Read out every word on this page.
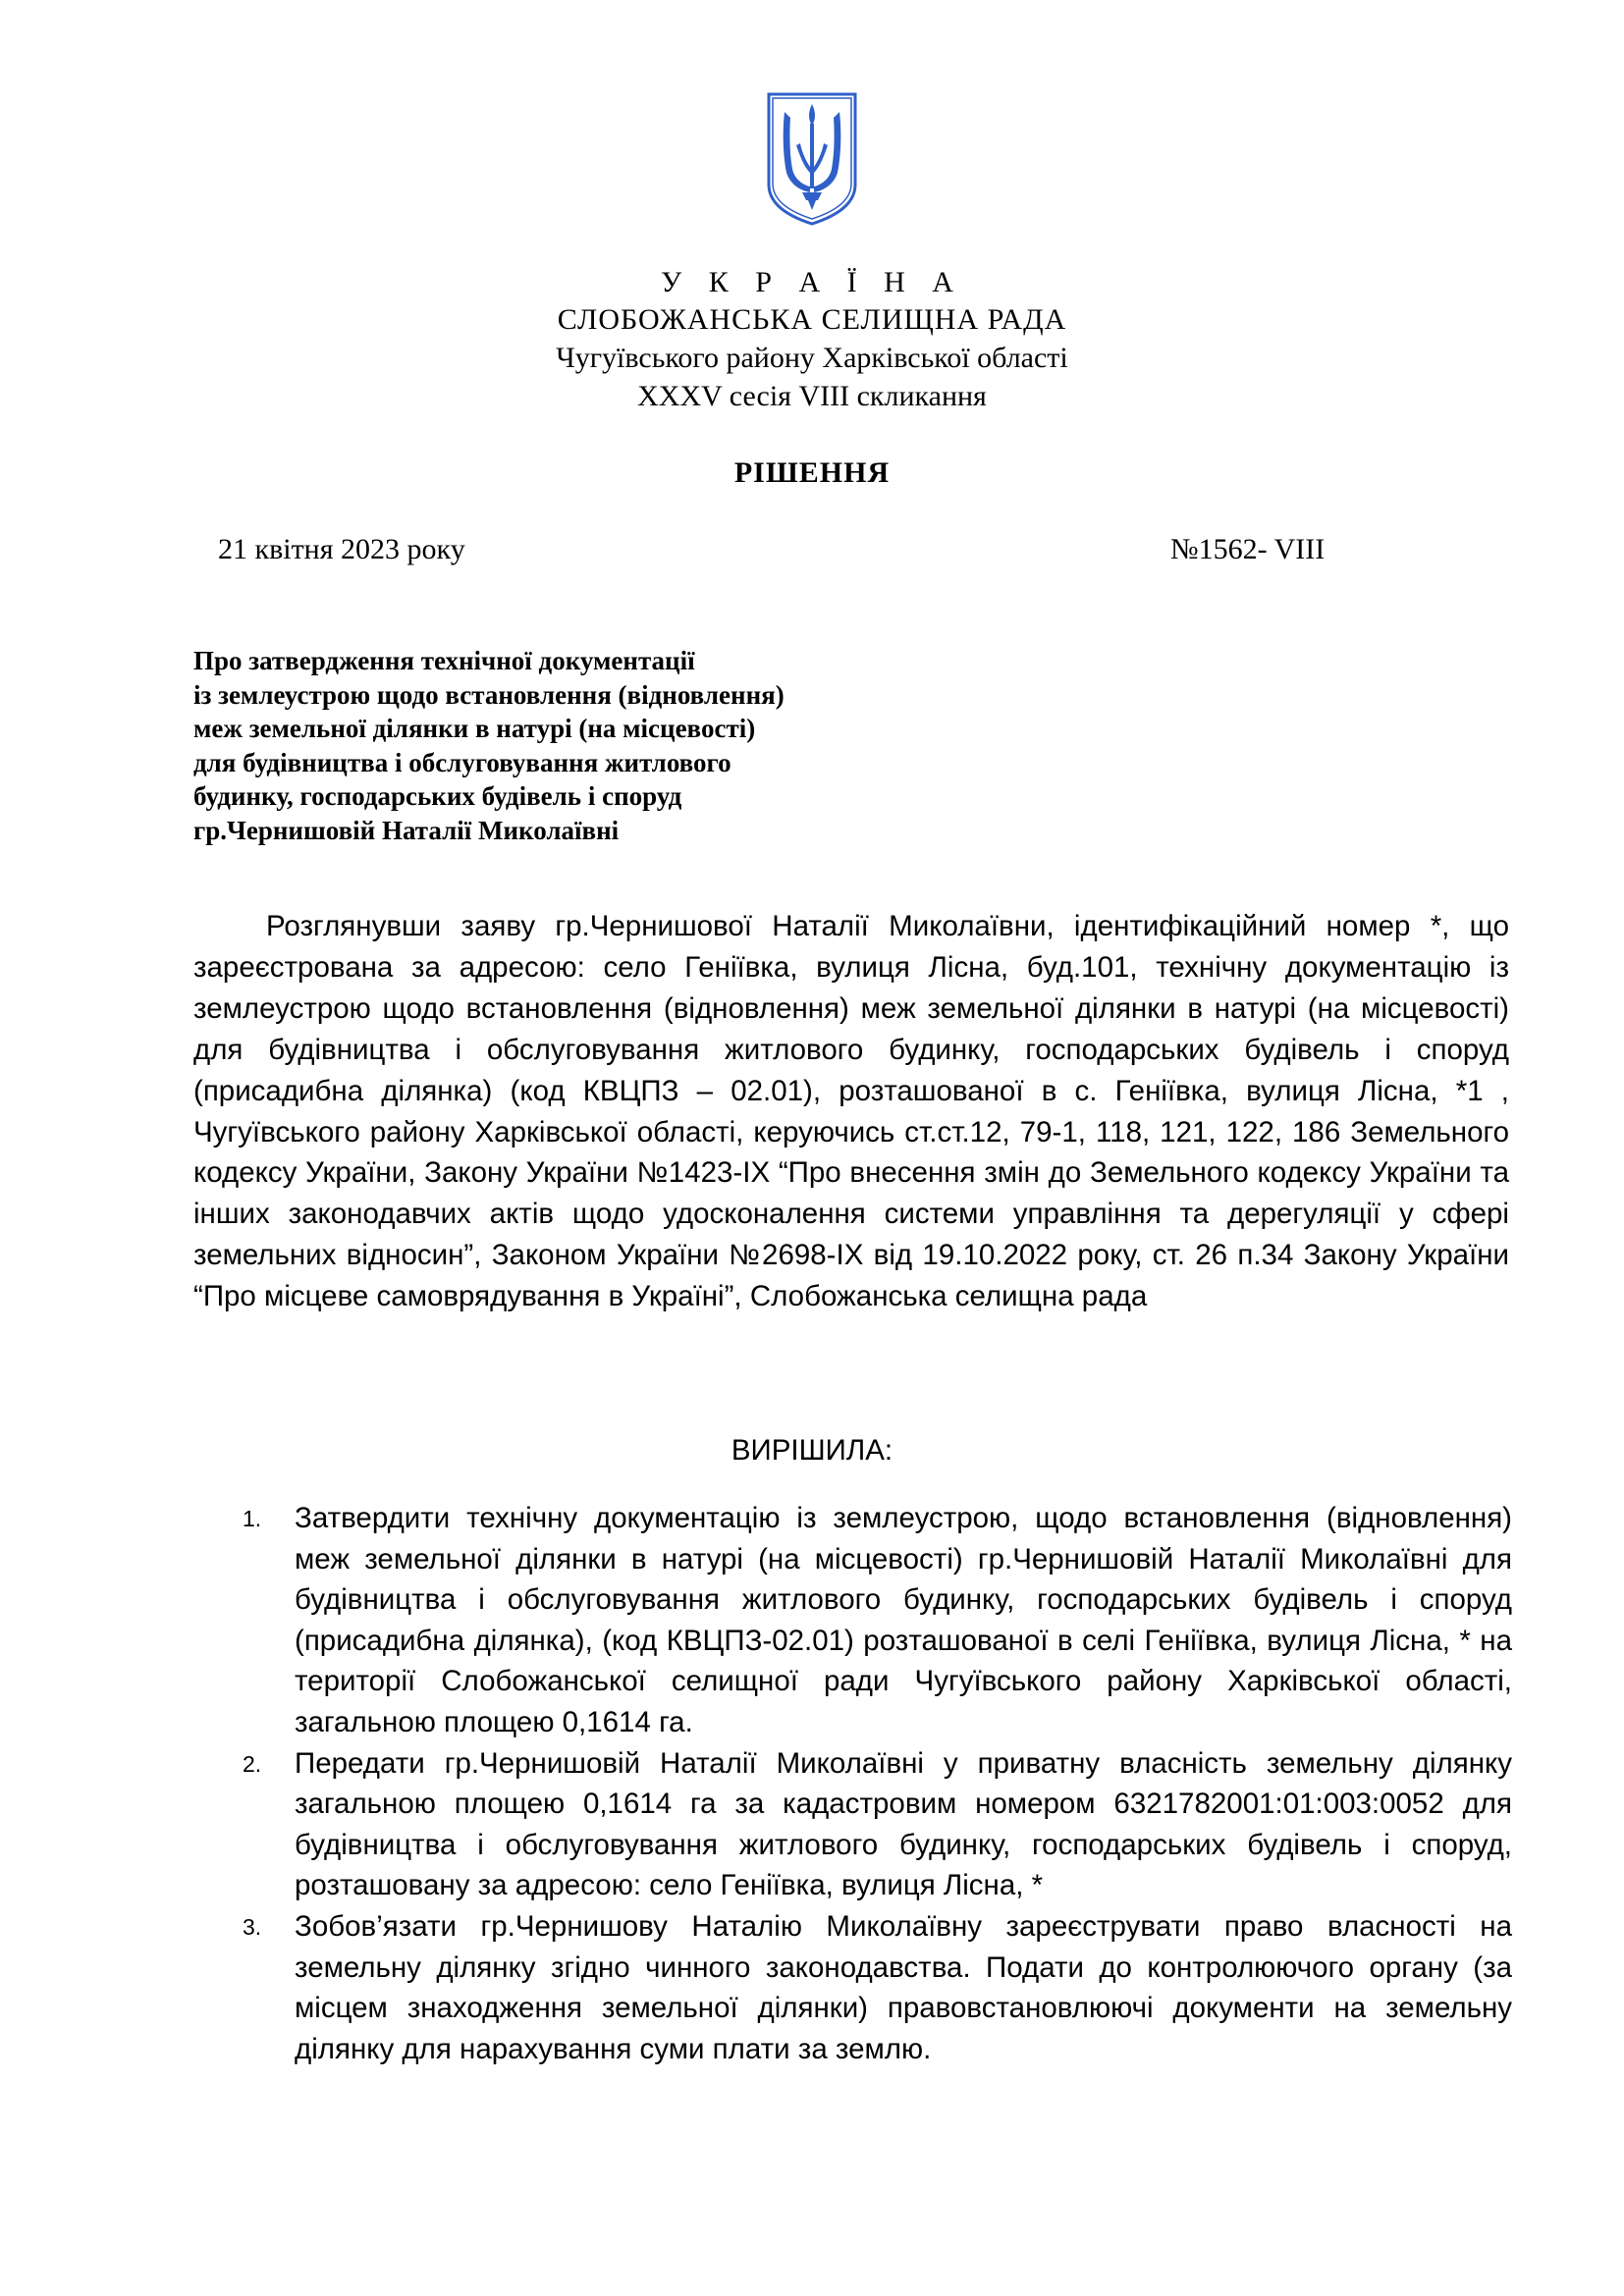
У К Р А Ї Н А
СЛОБОЖАНСЬКА СЕЛИЩНА РАДА
Чугуївського району Харківської області
XXXV сесія VIII скликання
РІШЕННЯ
21 квітня 2023 року	№1562- VIII
Про затвердження технічної документації
із землеустрою щодо встановлення (відновлення)
меж земельної ділянки в натурі (на місцевості)
для будівництва і обслуговування житлового
будинку, господарських будівель і споруд
гр.Чернишовій Наталії Миколаївні

Розглянувши заяву гр.Чернишової Наталії Миколаївни, ідентифікаційний номер *, що зареєстрована за адресою: село Геніївка, вулиця Лісна, буд.101, технічну документацію із землеустрою щодо встановлення (відновлення) меж земельної ділянки в натурі (на місцевості) для будівництва і обслуговування житлового будинку, господарських будівель і споруд (присадибна ділянка) (код КВЦПЗ – 02.01), розташованої в с. Геніївка, вулиця Лісна, *1 , Чугуївського району Харківської області, керуючись ст.ст.12, 79-1, 118, 121, 122, 186 Земельного кодексу України, Закону України №1423-IX “Про внесення змін до Земельного кодексу України та інших законодавчих актів щодо удосконалення системи управління та дерегуляції у сфері земельних відносин”, Законом України №2698-IX від 19.10.2022 року, ст. 26 п.34 Закону України “Про місцеве самоврядування в Україні”, Слобожанська селищна рада

ВИРІШИЛА:
1. Затвердити технічну документацію із землеустрою, щодо встановлення (відновлення) меж земельної ділянки в натурі (на місцевості) гр.Чернишовій Наталії Миколаївні для будівництва і обслуговування житлового будинку, господарських будівель і споруд (присадибна ділянка), (код КВЦПЗ-02.01) розташованої в селі Геніївка, вулиця Лісна, * на території Слобожанської селищної ради Чугуївського району Харківської області, загальною площею 0,1614 га.
2. Передати гр.Чернишовій Наталії Миколаївні у приватну власність земельну ділянку загальною площею 0,1614 га за кадастровим номером 6321782001:01:003:0052 для будівництва і обслуговування житлового будинку, господарських будівель і споруд, розташовану за адресою: село Геніївка, вулиця Лісна, *
3. Зобов’язати гр.Чернишову Наталію Миколаївну зареєструвати право власності на земельну ділянку згідно чинного законодавства. Подати до контролюючого органу (за місцем знаходження земельної ділянки) правовстановлюючі документи на земельну ділянку для нарахування суми плати за землю.
